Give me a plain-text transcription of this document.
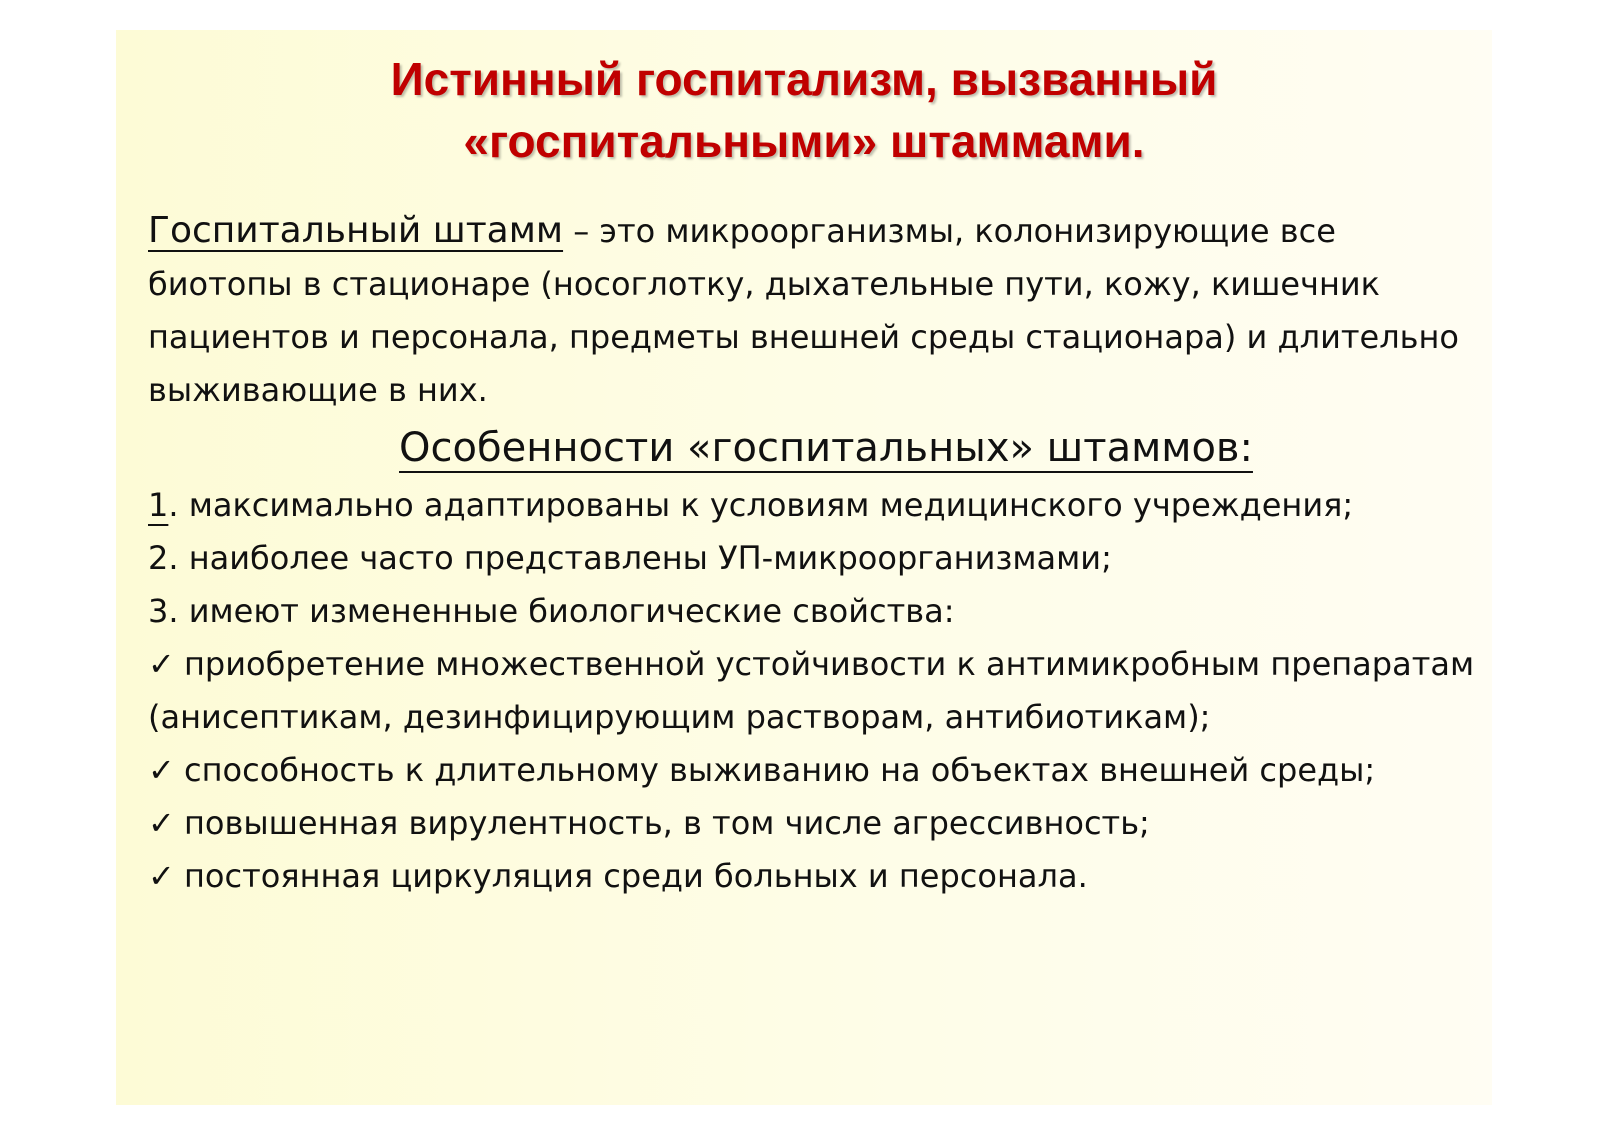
Истинный госпитализм, вызванный
«госпитальными» штаммами.

Госпитальный штамм – это микроорганизмы, колонизирующие все биотопы в стационаре (носоглотку, дыхательные пути, кожу, кишечник пациентов и персонала, предметы внешней среды стационара) и длительно выживающие в них.

Особенности «госпитальных» штаммов:

1. максимально адаптированы к условиям медицинского учреждения;

2. наиболее часто представлены УП-микроорганизмами;

3. имеют измененные биологические свойства:

✓ приобретение множественной устойчивости к антимикробным препаратам (анисептикам, дезинфицирующим растворам, антибиотикам);

✓ способность к длительному выживанию на объектах внешней среды;

✓ повышенная вирулентность, в том числе агрессивность;

✓ постоянная циркуляция среди больных и персонала.
